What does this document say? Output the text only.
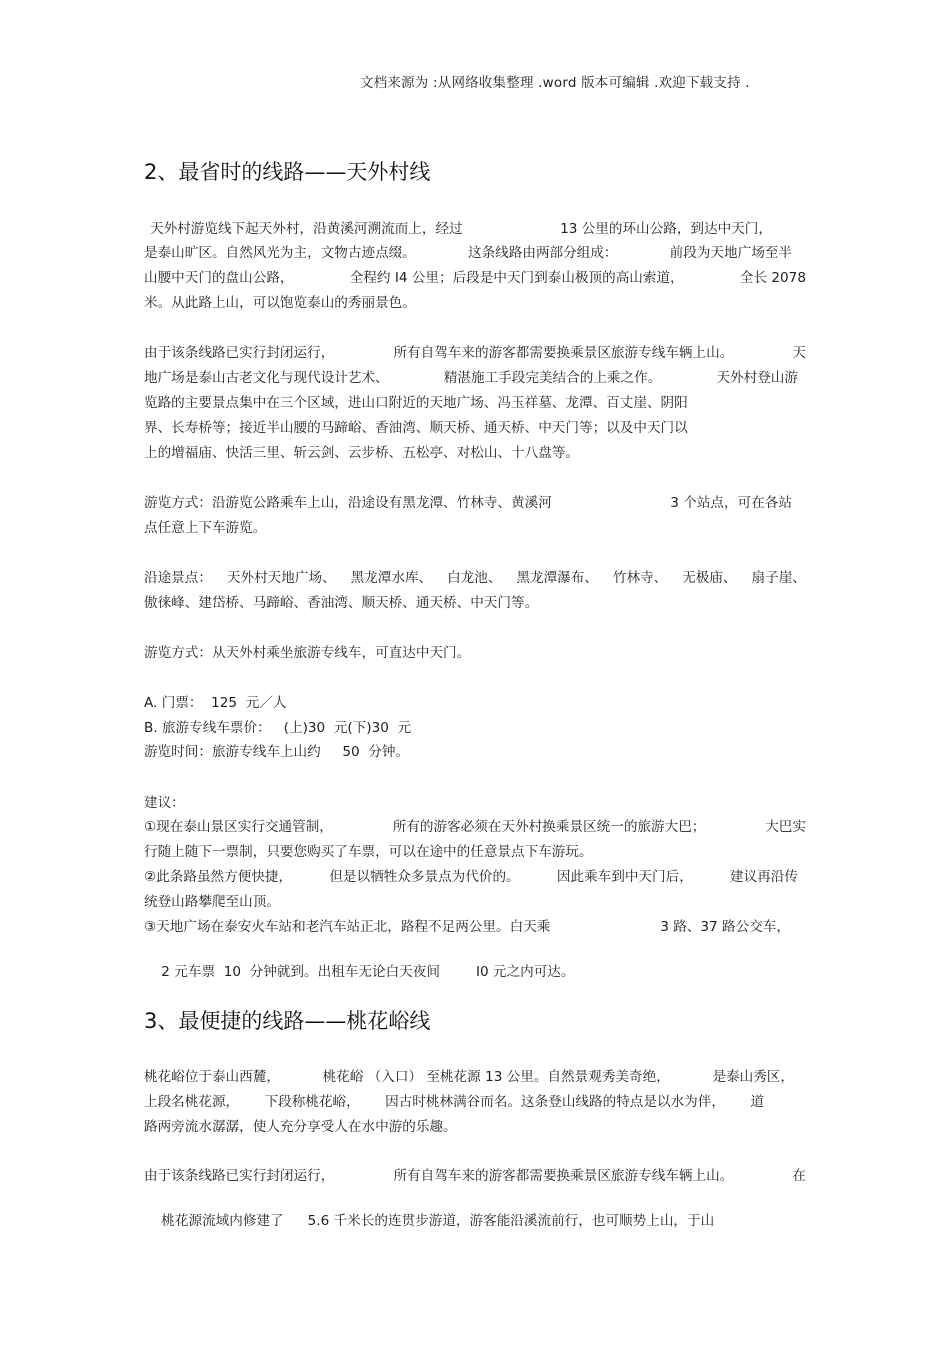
文档来源为 :从网络收集整理 .word 版本可编辑 .欢迎下载支持 .
2、最省时的线路——天外村线
天外村游览线下起天外村，沿黄溪河溯流而上，经过	13 公里的环山公路，到达中天门，
是泰山旷区。自然风光为主，文物古迹点缀。	这条线路由两部分组成：	前段为天地广场至半
山腰中天门的盘山公路，	全程约 I4 公里；后段是中天门到泰山极顶的高山索道，	全长 2078
米。从此路上山，可以饱览泰山的秀丽景色。
由于该条线路已实行封闭运行，	所有自驾车来的游客都需要换乘景区旅游专线车辆上山。	天
地广场是泰山古老文化与现代设计艺术、	精湛施工手段完美结合的上乘之作。	天外村登山游
览路的主要景点集中在三个区域，进山口附近的天地广场、冯玉祥墓、龙潭、百丈崖、阴阳
界、长寿桥等；接近半山腰的马蹄峪、香油湾、顺天桥、通天桥、中天门等；以及中天门以
上的增福庙、快活三里、斩云剑、云步桥、五松亭、对松山、十八盘等。
游览方式：沿游览公路乘车上山，沿途设有黑龙潭、竹林寺、黄溪河	3 个站点，可在各站
点任意上下车游览。
沿途景点： 天外村天地广场、 黑龙潭水库、 白龙池、 黑龙潭瀑布、 竹林寺、 无极庙、 扇子崖、
傲徕峰、建岱桥、马蹄峪、香油湾、顺天桥、通天桥、中天门等。
游览方式：从天外村乘坐旅游专线车，可直达中天门。
A. 门票：  125  元／人
B. 旅游专线车票价：   (上)30  元(下)30  元
游览时间：旅游专线车上山约     50  分钟。
建议：
①现在泰山景区实行交通管制，	所有的游客必须在天外村换乘景区统一的旅游大巴；	大巴实
行随上随下一票制，只要您购买了车票，可以在途中的任意景点下车游玩。
②此条路虽然方便快捷，	但是以牺牲众多景点为代价的。	因此乘车到中天门后，	建议再沿传
统登山路攀爬至山顶。
③天地广场在泰安火车站和老汽车站正北，路程不足两公里。白天乘	3 路、37 路公交车，

2 元车票  10  分钟就到。出租车无论白天夜间	I0 元之内可达。

3、最便捷的线路——桃花峪线
桃花峪位于泰山西麓，	桃花峪 （入口） 至桃花源 13 公里。自然景观秀美奇绝，	是泰山秀区，
上段名桃花源， 下段称桃花峪， 因古时桃林满谷而名。这条登山线路的特点是以水为伴， 道
路两旁流水潺潺，使人充分享受人在水中游的乐趣。
由于该条线路已实行封闭运行，	所有自驾车来的游客都需要换乘景区旅游专线车辆上山。	在

桃花源流域内修建了 5.6 千米长的连贯步游道，游客能沿溪流前行，也可顺势上山，于山
